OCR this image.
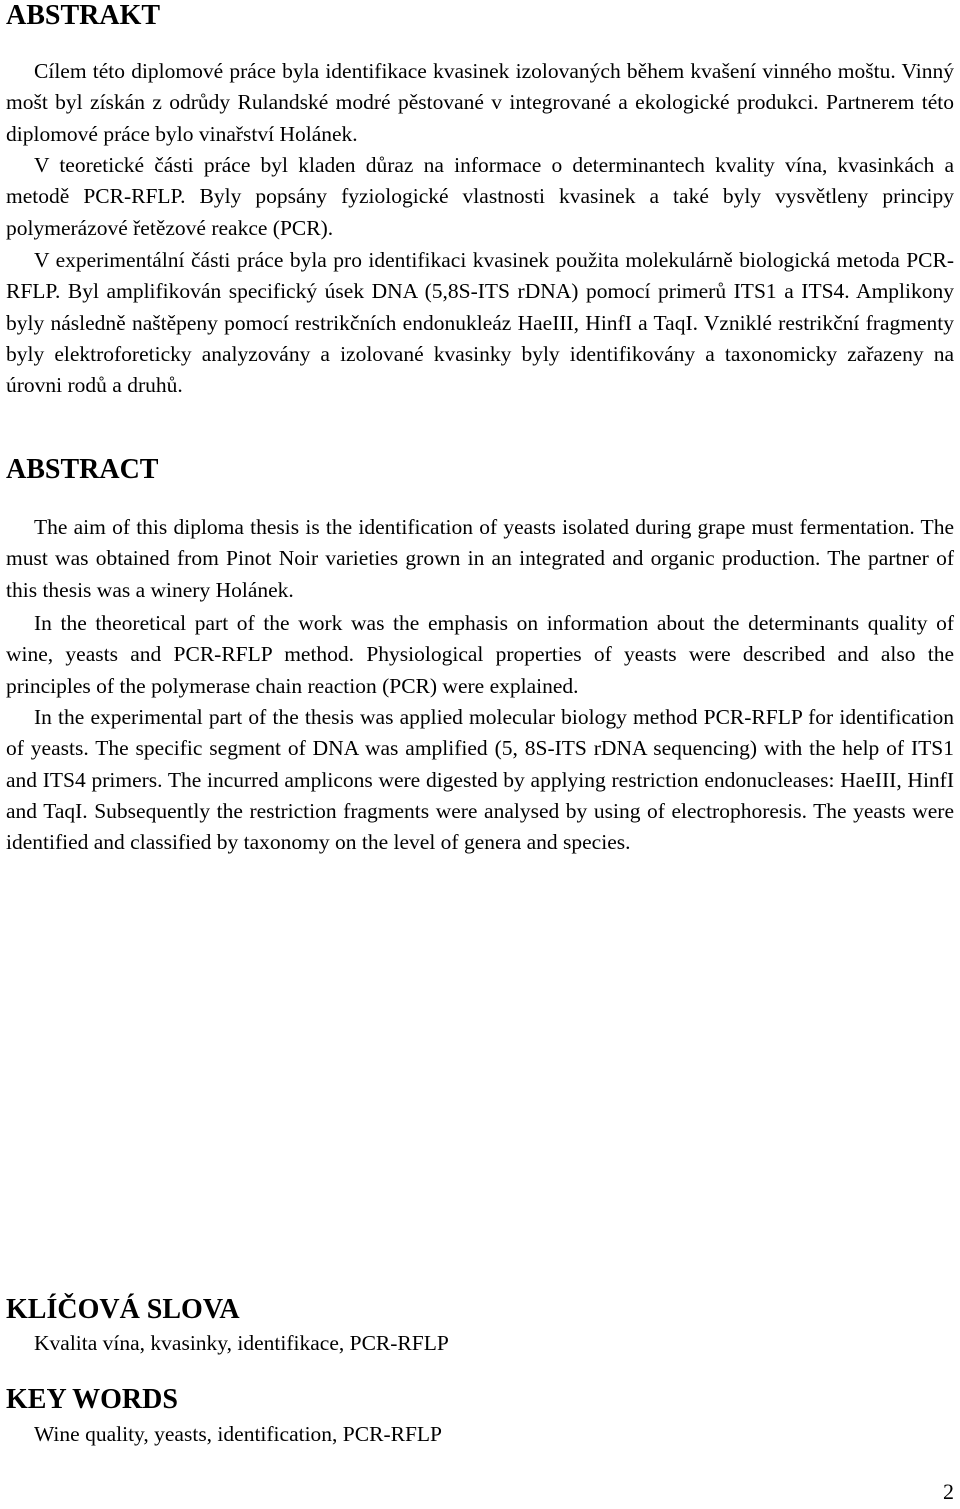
ABSTRAKT

Cílem této diplomové práce byla identifikace kvasinek izolovaných během kvašení vinného moštu. Vinný mošt byl získán z odrůdy Rulandské modré pěstované v integrované a ekologické produkci. Partnerem této diplomové práce bylo vinařství Holánek.

V teoretické části práce byl kladen důraz na informace o determinantech kvality vína, kvasinkách a metodě PCR-RFLP. Byly popsány fyziologické vlastnosti kvasinek a také byly vysvětleny principy polymerázové řetězové reakce (PCR).

V experimentální části práce byla pro identifikaci kvasinek použita molekulárně biologická metoda PCR-RFLP. Byl amplifikován specifický úsek DNA (5,8S-ITS rDNA) pomocí primerů ITS1 a ITS4. Amplikony byly následně naštěpeny pomocí restrikčních endonukleáz HaeIII, HinfI a TaqI. Vzniklé restrikční fragmenty byly elektroforeticky analyzovány a izolované kvasinky byly identifikovány a taxonomicky zařazeny na úrovni rodů a druhů.

ABSTRACT

The aim of this diploma thesis is the identification of yeasts isolated during grape must fermentation. The must was obtained from Pinot Noir varieties grown in an integrated and organic production. The partner of this thesis was a winery Holánek.

In the theoretical part of the work was the emphasis on information about the determinants quality of wine, yeasts and PCR-RFLP method. Physiological properties of yeasts were described and also the principles of the polymerase chain reaction (PCR) were explained.

In the experimental part of the thesis was applied molecular biology method PCR-RFLP for identification of yeasts. The specific segment of DNA was amplified (5, 8S-ITS rDNA sequencing) with the help of ITS1 and ITS4 primers. The incurred amplicons were digested by applying restriction endonucleases: HaeIII, HinfI and TaqI. Subsequently the restriction fragments were analysed by using of electrophoresis. The yeasts were identified and classified by taxonomy on the level of genera and species.

KLÍČOVÁ SLOVA

Kvalita vína, kvasinky, identifikace, PCR-RFLP

KEY WORDS

Wine quality, yeasts, identification, PCR-RFLP

2
